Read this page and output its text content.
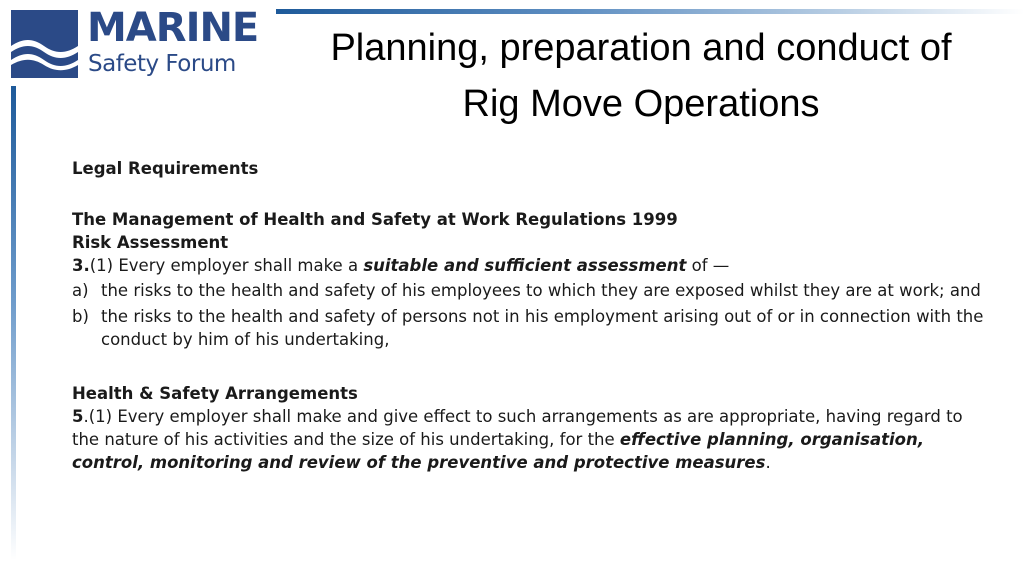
MARINE
Safety Forum	Planning, preparation and conduct of
Rig Move Operations

Legal Requirements

The Management of Health and Safety at Work Regulations 1999

Risk Assessment

3.(1) Every employer shall make a suitable and sufficient assessment of —

a) the risks to the health and safety of his employees to which they are exposed whilst they are at work; and
b) the risks to the health and safety of persons not in his employment arising out of or in connection with the conduct by him of his undertaking,

Health & Safety Arrangements

5.(1) Every employer shall make and give effect to such arrangements as are appropriate, having regard to the nature of his activities and the size of his undertaking, for the effective planning, organisation, control, monitoring and review of the preventive and protective measures.
